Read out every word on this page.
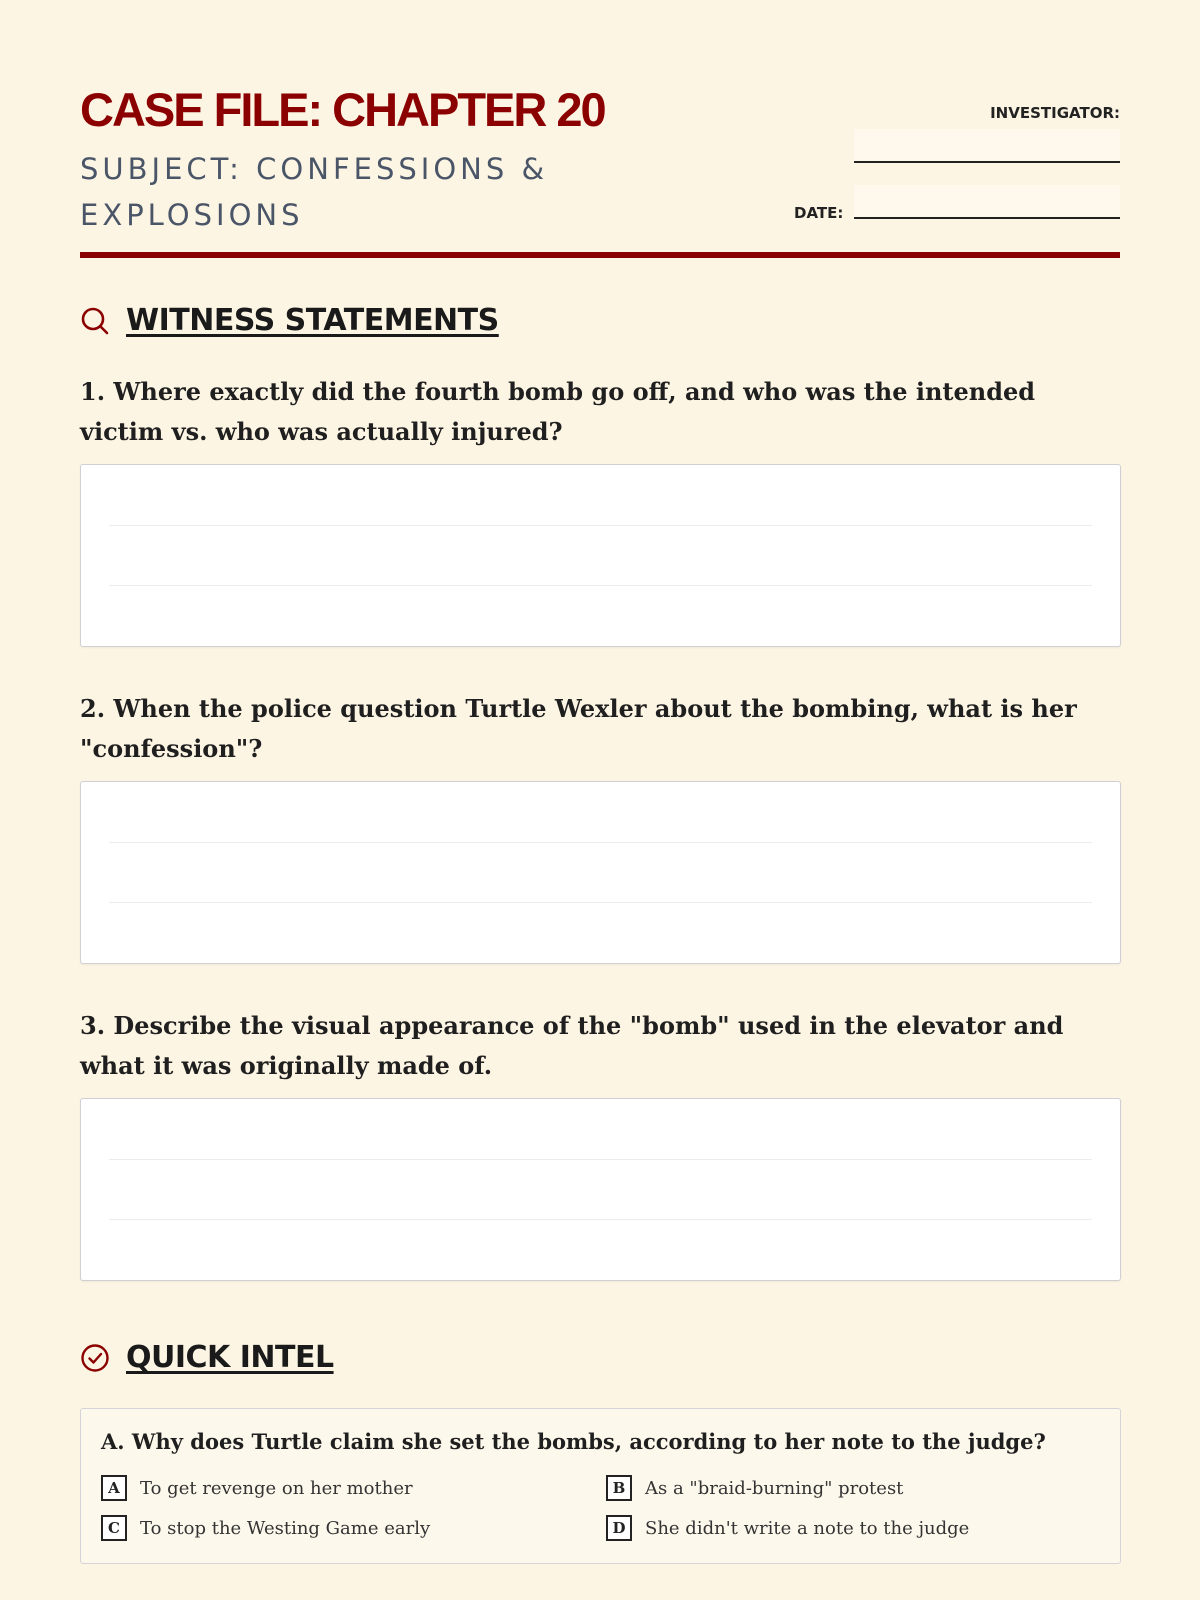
CASE FILE: CHAPTER 20
SUBJECT: CONFESSIONS & EXPLOSIONS
INVESTIGATOR:
DATE:
WITNESS STATEMENTS
1. Where exactly did the fourth bomb go off, and who was the intended victim vs. who was actually injured?
2. When the police question Turtle Wexler about the bombing, what is her "confession"?
3. Describe the visual appearance of the "bomb" used in the elevator and what it was originally made of.
QUICK INTEL
A. Why does Turtle claim she set the bombs, according to her note to the judge?
A	To get revenge on her mother	B	As a "braid-burning" protest
C	To stop the Westing Game early	D	She didn't write a note to the judge
